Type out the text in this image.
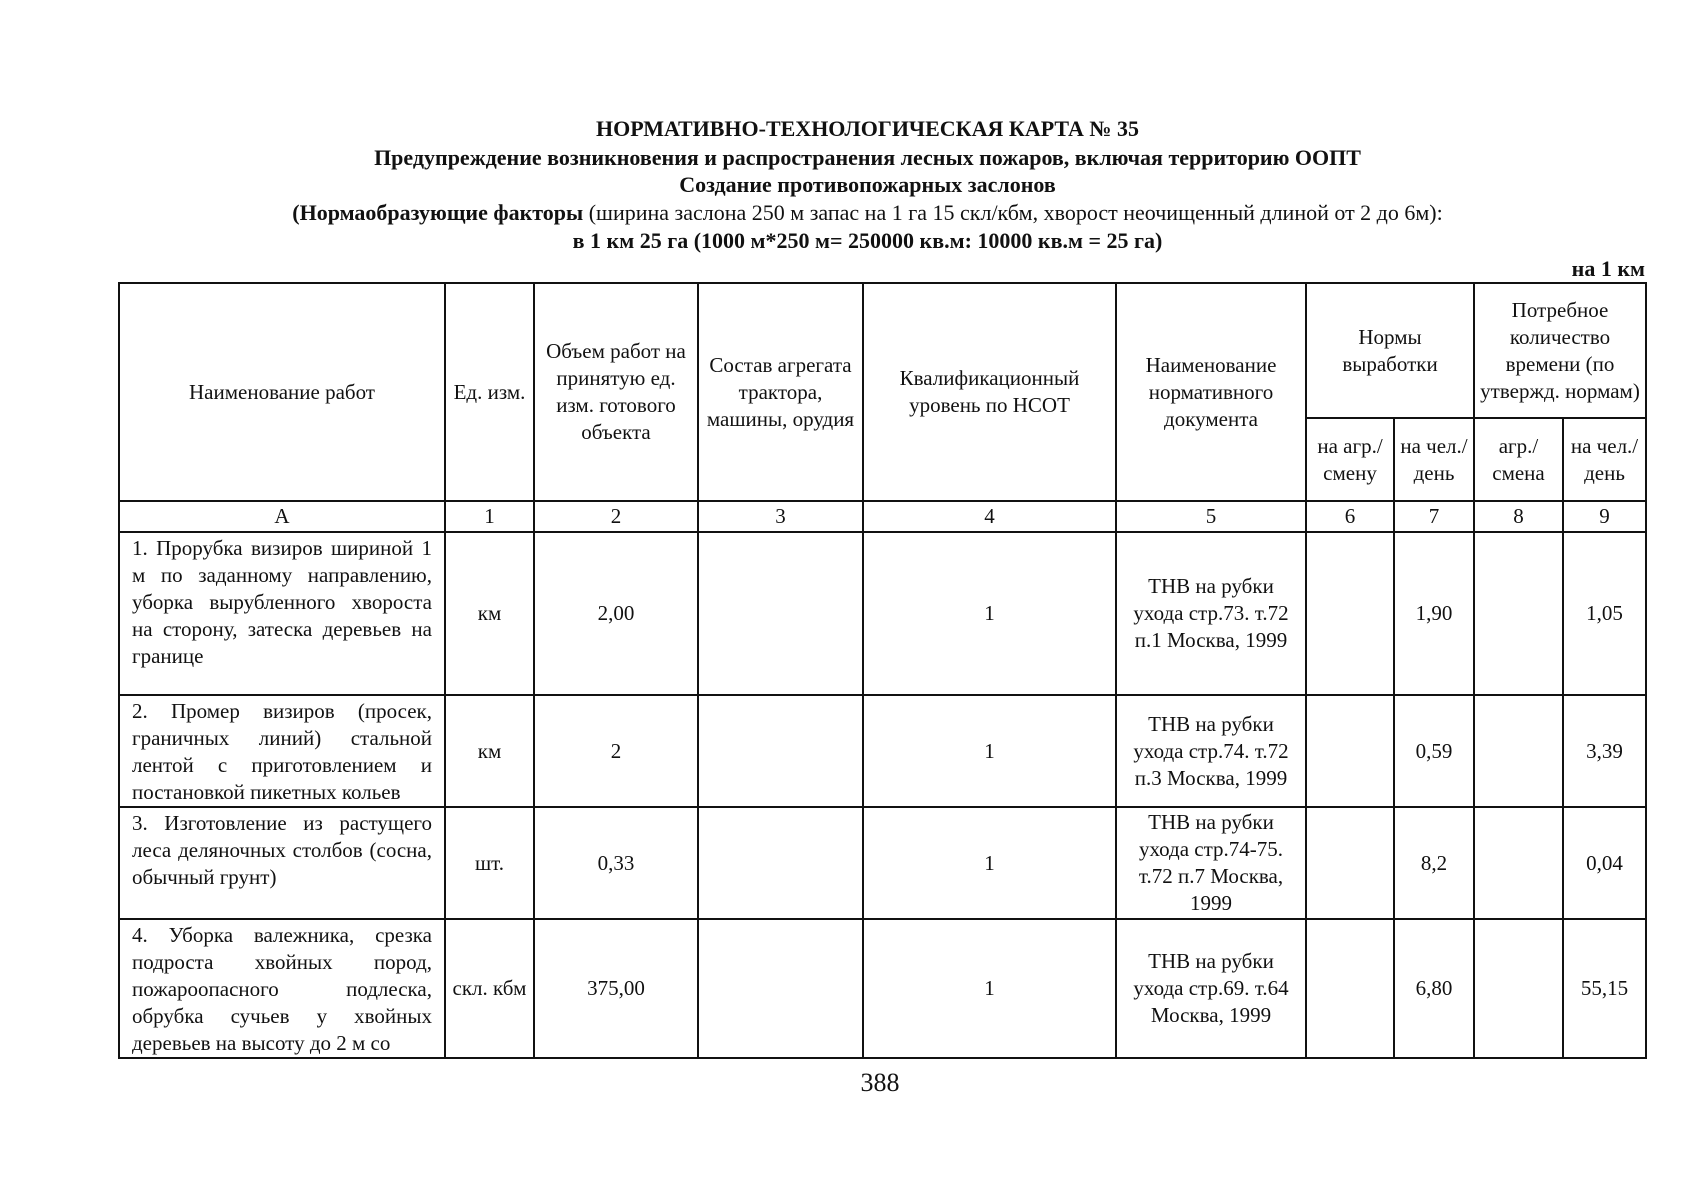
НОРМАТИВНО-ТЕХНОЛОГИЧЕСКАЯ КАРТА № 35
Предупреждение возникновения и распространения лесных пожаров, включая территорию ООПТ
Создание противопожарных заслонов
(Нормаобразующие факторы (ширина заслона 250 м запас на 1 га 15 скл/кбм, хворост неочищенный длиной от 2 до 6м):
в 1 км 25 га (1000 м*250 м= 250000 кв.м: 10000 кв.м = 25 га)
на 1 км
Наименование работ	Ед. изм.	Объем работ на принятую ед. изм. готового объекта	Состав агрегата трактора, машины, орудия	Квалификационный уровень по НСОТ	Наименование нормативного документа	Нормы выработки		Потребное количество времени (по утвержд. нормам)	
						на агр./ смену	на чел./ день	агр./ смена	на чел./ день
А	1	2	3	4	5	6	7	8	9
1. Прорубка визиров шириной 1 м по заданному направлению, уборка вырубленного хвороста на сторону, затеска деревьев на границе	км	2,00		1	ТНВ на рубки ухода стр.73. т.72 п.1 Москва, 1999		1,90		1,05
2. Промер визиров (просек, граничных линий) стальной лентой с приготовлением и постановкой пикетных кольев	км	2		1	ТНВ на рубки ухода стр.74. т.72 п.3 Москва, 1999		0,59		3,39
3. Изготовление из растущего леса деляночных столбов (сосна, обычный грунт)	шт.	0,33		1	ТНВ на рубки ухода стр.74-75. т.72 п.7 Москва, 1999		8,2		0,04
4. Уборка валежника, срезка подроста хвойных пород, пожароопасного подлеска, обрубка сучьев у хвойных деревьев на высоту до 2 м со	скл. кбм	375,00		1	ТНВ на рубки ухода стр.69. т.64 Москва, 1999		6,80		55,15
388
